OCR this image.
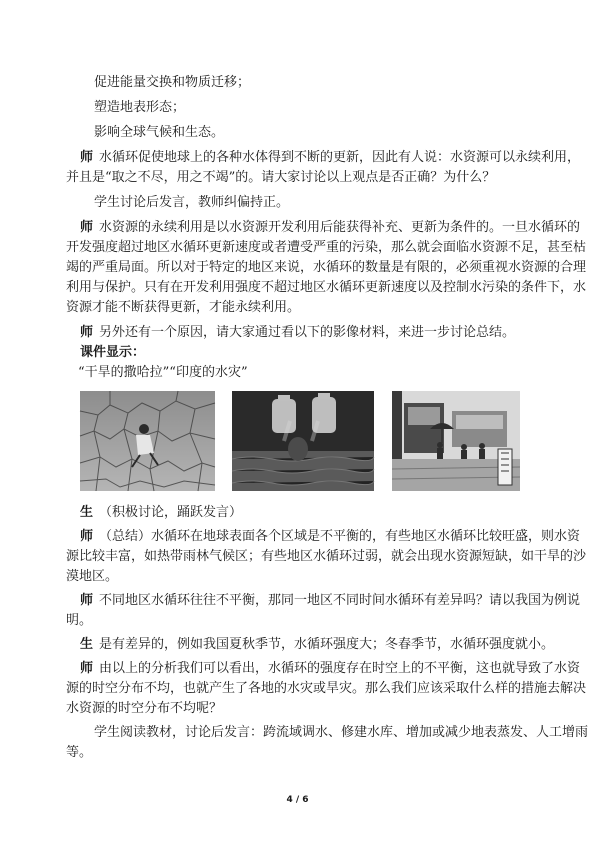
促进能量交换和物质迁移；
塑造地表形态；
影响全球气候和生态。
师 水循环促使地球上的各种水体得到不断的更新，因此有人说：水资源可以永续利用，
并且是“取之不尽，用之不竭”的。请大家讨论以上观点是否正确？为什么？
学生讨论后发言，教师纠偏持正。
师 水资源的永续利用是以水资源开发利用后能获得补充、更新为条件的。一旦水循环的
开发强度超过地区水循环更新速度或者遭受严重的污染，那么就会面临水资源不足，甚至枯
竭的严重局面。所以对于特定的地区来说，水循环的数量是有限的，必须重视水资源的合理
利用与保护。只有在开发利用强度不超过地区水循环更新速度以及控制水污染的条件下，水
资源才能不断获得更新，才能永续利用。
师 另外还有一个原因，请大家通过看以下的影像材料，来进一步讨论总结。
课件显示：
“干旱的撒哈拉”“印度的水灾”
生 （积极讨论，踊跃发言）
师 （总结）水循环在地球表面各个区域是不平衡的，有些地区水循环比较旺盛，则水资
源比较丰富，如热带雨林气候区；有些地区水循环过弱，就会出现水资源短缺，如干旱的沙
漠地区。
师 不同地区水循环往往不平衡，那同一地区不同时间水循环有差异吗？请以我国为例说
明。
生 是有差异的，例如我国夏秋季节，水循环强度大；冬春季节，水循环强度就小。
师 由以上的分析我们可以看出，水循环的强度存在时空上的不平衡，这也就导致了水资
源的时空分布不均，也就产生了各地的水灾或旱灾。那么我们应该采取什么样的措施去解决
水资源的时空分布不均呢？
学生阅读教材，讨论后发言：跨流域调水、修建水库、增加或减少地表蒸发、人工增雨
等。
4 / 6
